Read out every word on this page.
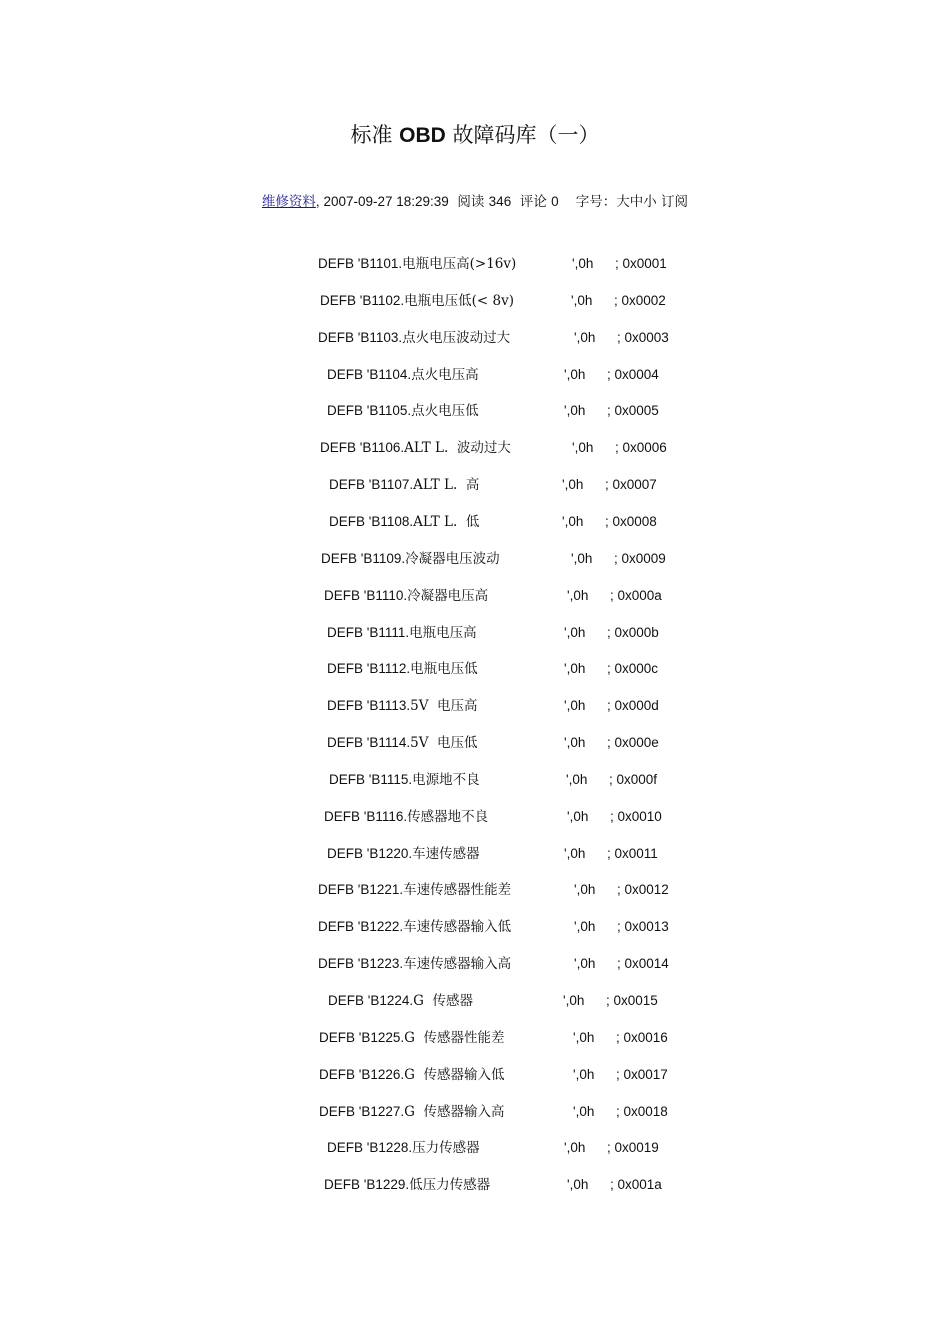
标准 OBD 故障码库（一）
维修资料, 2007-09-27 18:29:39  阅读 346  评论 0    字号：大中小 订阅
DEFB 'B1101.电瓶电压高(>16v)	',0h ; 0x0001
DEFB 'B1102.电瓶电压低(< 8v)	',0h ; 0x0002
DEFB 'B1103.点火电压波动过大	',0h ; 0x0003
DEFB 'B1104.点火电压高	',0h ; 0x0004
DEFB 'B1105.点火电压低	',0h ; 0x0005
DEFB 'B1106.ALT L.  波动过大	',0h ; 0x0006
DEFB 'B1107.ALT L.  高	',0h ; 0x0007
DEFB 'B1108.ALT L.  低	',0h ; 0x0008
DEFB 'B1109.冷凝器电压波动	',0h ; 0x0009
DEFB 'B1110.冷凝器电压高	',0h ; 0x000a
DEFB 'B1111.电瓶电压高	',0h ; 0x000b
DEFB 'B1112.电瓶电压低	',0h ; 0x000c
DEFB 'B1113.5V  电压高	',0h ; 0x000d
DEFB 'B1114.5V  电压低	',0h ; 0x000e
DEFB 'B1115.电源地不良	',0h ; 0x000f
DEFB 'B1116.传感器地不良	',0h ; 0x0010
DEFB 'B1220.车速传感器	',0h ; 0x0011
DEFB 'B1221.车速传感器性能差	',0h ; 0x0012
DEFB 'B1222.车速传感器输入低	',0h ; 0x0013
DEFB 'B1223.车速传感器输入高	',0h ; 0x0014
DEFB 'B1224.G  传感器	',0h ; 0x0015
DEFB 'B1225.G  传感器性能差	',0h ; 0x0016
DEFB 'B1226.G  传感器输入低	',0h ; 0x0017
DEFB 'B1227.G  传感器输入高	',0h ; 0x0018
DEFB 'B1228.压力传感器	',0h ; 0x0019
DEFB 'B1229.低压力传感器	',0h ; 0x001a
